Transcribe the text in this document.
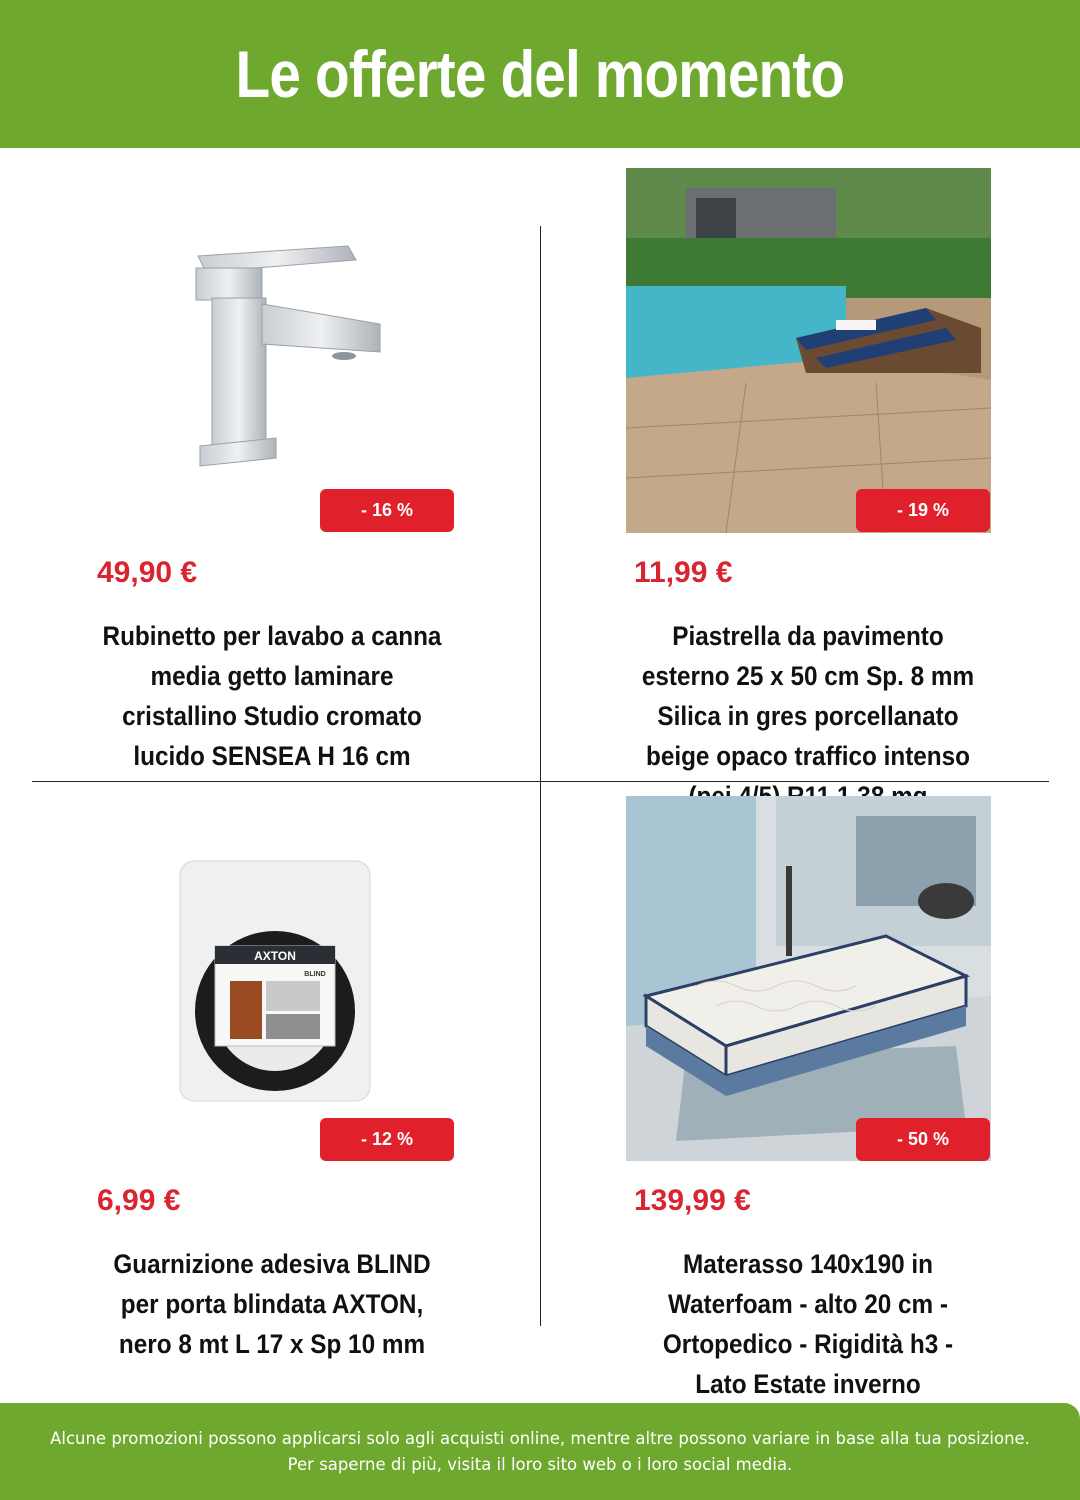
Le offerte del momento
- 16 %
49,90 €
Rubinetto per lavabo a canna media getto laminare cristallino Studio cromato lucido SENSEA H 16 cm
- 19 %
11,99 €
Piastrella da pavimento esterno 25 x 50 cm Sp. 8 mm Silica in gres porcellanato beige opaco traffico intenso
AXTON
BLIND
- 12 %
6,99 €
Guarnizione adesiva BLIND per porta blindata AXTON, nero 8 mt L 17 x Sp 10 mm
- 50 %
139,99 €
Materasso 140x190 in Waterfoam - alto 20 cm - Ortopedico - Rigidità h3 - Lato Estate inverno

Alcune promozioni possono applicarsi solo agli acquisti online, mentre altre possono variare in base alla tua posizione. Per saperne di più, visita il loro sito web o i loro social media.
